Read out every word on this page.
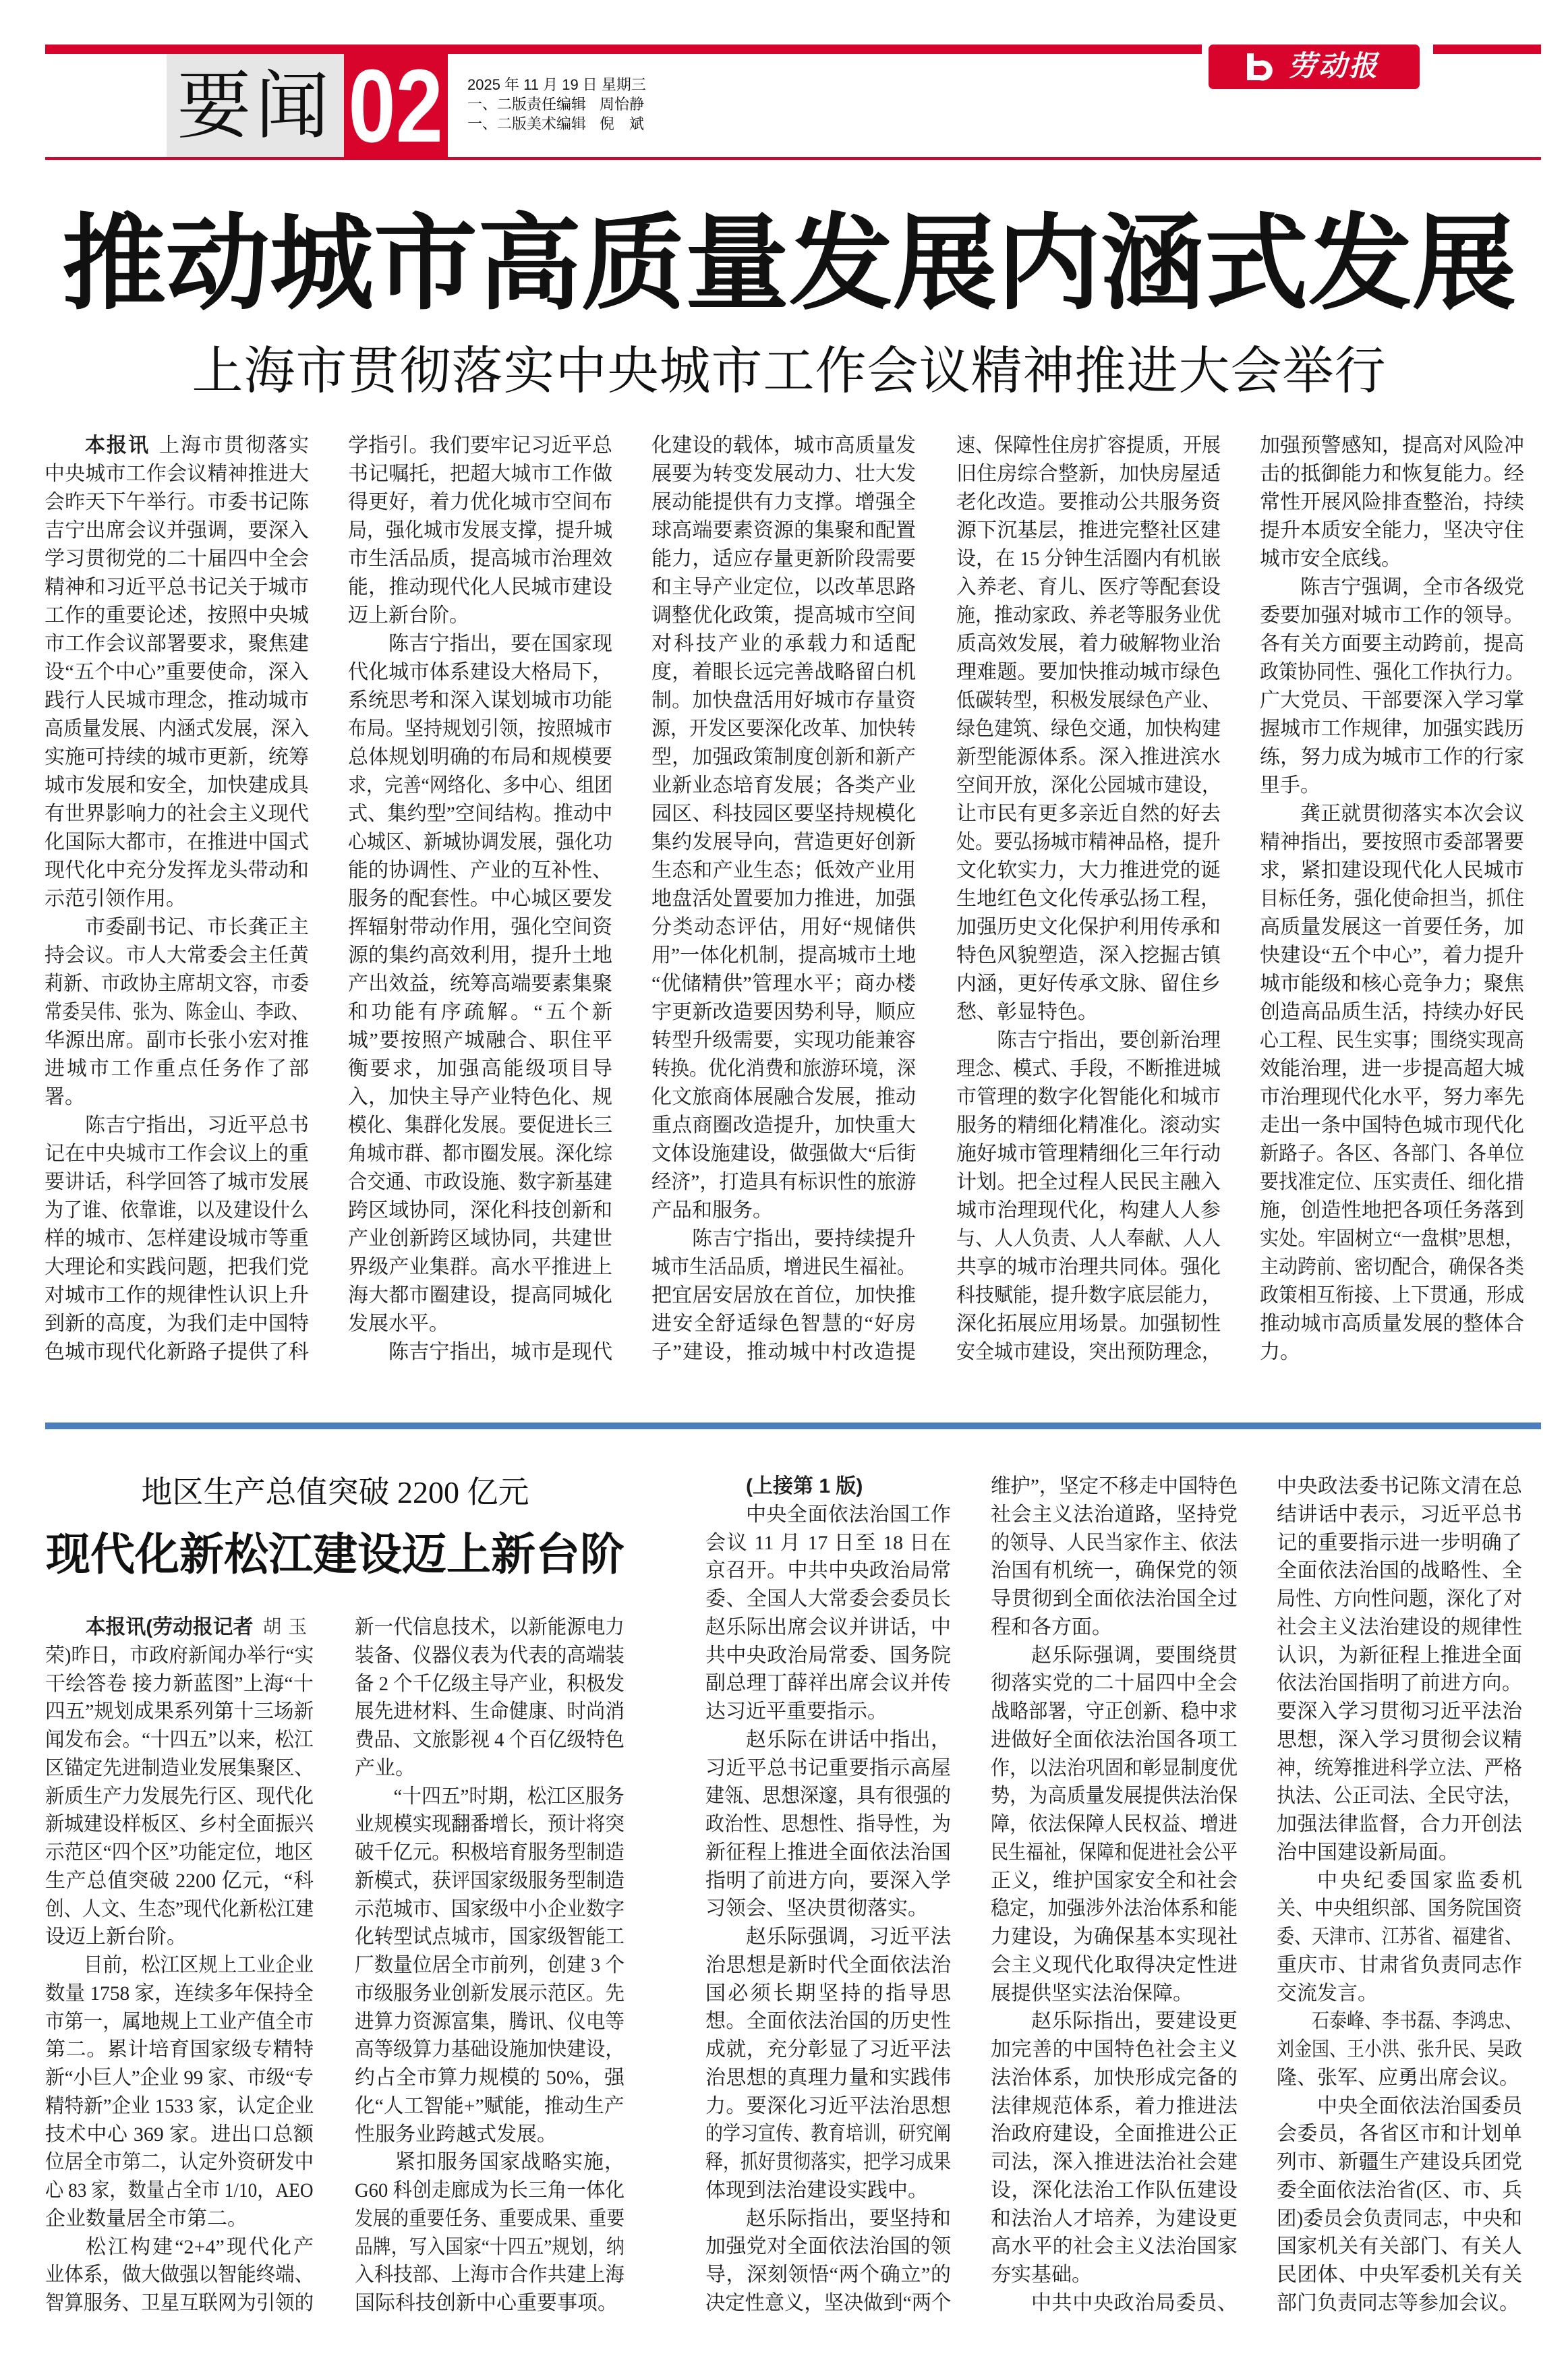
劳动报
要闻 02 2025 年 11 月 19 日 星期三
一、二版责任编辑 周怡静
一、二版美术编辑 倪　斌
推动城市高质量发展内涵式发展
上海市贯彻落实中央城市工作会议精神推进大会举行
本报讯 上海市贯彻落实
中央城市工作会议精神推进大
会昨天下午举行。市委书记陈
吉宁出席会议并强调，要深入
学习贯彻党的二十届四中全会
精神和习近平总书记关于城市
工作的重要论述，按照中央城
市工作会议部署要求，聚焦建
设“五个中心”重要使命，深入
践行人民城市理念，推动城市
高质量发展、内涵式发展，深入
实施可持续的城市更新，统筹
城市发展和安全，加快建成具
有世界影响力的社会主义现代
化国际大都市，在推进中国式
现代化中充分发挥龙头带动和
示范引领作用。
市委副书记、市长龚正主
持会议。市人大常委会主任黄
莉新、市政协主席胡文容，市委
常委吴伟、张为、陈金山、李政、
华源出席。副市长张小宏对推
进城市工作重点任务作了部
署。
陈吉宁指出，习近平总书
记在中央城市工作会议上的重
要讲话，科学回答了城市发展
为了谁、依靠谁，以及建设什么
样的城市、怎样建设城市等重
大理论和实践问题，把我们党
对城市工作的规律性认识上升
到新的高度，为我们走中国特
色城市现代化新路子提供了科
学指引。我们要牢记习近平总
书记嘱托，把超大城市工作做
得更好，着力优化城市空间布
局，强化城市发展支撑，提升城
市生活品质，提高城市治理效
能，推动现代化人民城市建设
迈上新台阶。
陈吉宁指出，要在国家现
代化城市体系建设大格局下，
系统思考和深入谋划城市功能
布局。坚持规划引领，按照城市
总体规划明确的布局和规模要
求，完善“网络化、多中心、组团
式、集约型”空间结构。推动中
心城区、新城协调发展，强化功
能的协调性、产业的互补性、
服务的配套性。中心城区要发
挥辐射带动作用，强化空间资
源的集约高效利用，提升土地
产出效益，统筹高端要素集聚
和功能有序疏解。“五个新
城”要按照产城融合、职住平
衡要求，加强高能级项目导
入，加快主导产业特色化、规
模化、集群化发展。要促进长三
角城市群、都市圈发展。深化综
合交通、市政设施、数字新基建
跨区域协同，深化科技创新和
产业创新跨区域协同，共建世
界级产业集群。高水平推进上
海大都市圈建设，提高同城化
发展水平。
陈吉宁指出，城市是现代
化建设的载体，城市高质量发
展要为转变发展动力、壮大发
展动能提供有力支撑。增强全
球高端要素资源的集聚和配置
能力，适应存量更新阶段需要
和主导产业定位，以改革思路
调整优化政策，提高城市空间
对科技产业的承载力和适配
度，着眼长远完善战略留白机
制。加快盘活用好城市存量资
源，开发区要深化改革、加快转
型，加强政策制度创新和新产
业新业态培育发展；各类产业
园区、科技园区要坚持规模化
集约发展导向，营造更好创新
生态和产业生态；低效产业用
地盘活处置要加力推进，加强
分类动态评估，用好“规储供
用”一体化机制，提高城市土地
“优储精供”管理水平；商办楼
宇更新改造要因势利导，顺应
转型升级需要，实现功能兼容
转换。优化消费和旅游环境，深
化文旅商体展融合发展，推动
重点商圈改造提升，加快重大
文体设施建设，做强做大“后街
经济”，打造具有标识性的旅游
产品和服务。
陈吉宁指出，要持续提升
城市生活品质，增进民生福祉。
把宜居安居放在首位，加快推
进安全舒适绿色智慧的“好房
子”建设，推动城中村改造提
速、保障性住房扩容提质，开展
旧住房综合整新，加快房屋适
老化改造。要推动公共服务资
源下沉基层，推进完整社区建
设，在 15 分钟生活圈内有机嵌
入养老、育儿、医疗等配套设
施，推动家政、养老等服务业优
质高效发展，着力破解物业治
理难题。要加快推动城市绿色
低碳转型，积极发展绿色产业、
绿色建筑、绿色交通，加快构建
新型能源体系。深入推进滨水
空间开放，深化公园城市建设，
让市民有更多亲近自然的好去
处。要弘扬城市精神品格，提升
文化软实力，大力推进党的诞
生地红色文化传承弘扬工程，
加强历史文化保护利用传承和
特色风貌塑造，深入挖掘古镇
内涵，更好传承文脉、留住乡
愁、彰显特色。
陈吉宁指出，要创新治理
理念、模式、手段，不断推进城
市管理的数字化智能化和城市
服务的精细化精准化。滚动实
施好城市管理精细化三年行动
计划。把全过程人民民主融入
城市治理现代化，构建人人参
与、人人负责、人人奉献、人人
共享的城市治理共同体。强化
科技赋能，提升数字底层能力，
深化拓展应用场景。加强韧性
安全城市建设，突出预防理念，
加强预警感知，提高对风险冲
击的抵御能力和恢复能力。经
常性开展风险排查整治，持续
提升本质安全能力，坚决守住
城市安全底线。
陈吉宁强调，全市各级党
委要加强对城市工作的领导。
各有关方面要主动跨前，提高
政策协同性、强化工作执行力。
广大党员、干部要深入学习掌
握城市工作规律，加强实践历
练，努力成为城市工作的行家
里手。
龚正就贯彻落实本次会议
精神指出，要按照市委部署要
求，紧扣建设现代化人民城市
目标任务，强化使命担当，抓住
高质量发展这一首要任务，加
快建设“五个中心”，着力提升
城市能级和核心竞争力；聚焦
创造高品质生活，持续办好民
心工程、民生实事；围绕实现高
效能治理，进一步提高超大城
市治理现代化水平，努力率先
走出一条中国特色城市现代化
新路子。各区、各部门、各单位
要找准定位、压实责任、细化措
施，创造性地把各项任务落到
实处。牢固树立“一盘棋”思想，
主动跨前、密切配合，确保各类
政策相互衔接、上下贯通，形成
推动城市高质量发展的整体合
力。
地区生产总值突破 2200 亿元
现代化新松江建设迈上新台阶
本报讯(劳动报记者 胡玉
荣)昨日，市政府新闻办举行“实
干绘答卷 接力新蓝图”上海“十
四五”规划成果系列第十三场新
闻发布会。“十四五”以来，松江
区锚定先进制造业发展集聚区、
新质生产力发展先行区、现代化
新城建设样板区、乡村全面振兴
示范区“四个区”功能定位，地区
生产总值突破 2200 亿元，“科
创、人文、生态”现代化新松江建
设迈上新台阶。
目前，松江区规上工业企业
数量 1758 家，连续多年保持全
市第一，属地规上工业产值全市
第二。累计培育国家级专精特
新“小巨人”企业 99 家、市级“专
精特新”企业 1533 家，认定企业
技术中心 369 家。进出口总额
位居全市第二，认定外资研发中
心 83 家，数量占全市 1/10，AEO
企业数量居全市第二。
松江构建“2+4”现代化产
业体系，做大做强以智能终端、
智算服务、卫星互联网为引领的
新一代信息技术，以新能源电力
装备、仪器仪表为代表的高端装
备 2 个千亿级主导产业，积极发
展先进材料、生命健康、时尚消
费品、文旅影视 4 个百亿级特色
产业。
“十四五”时期，松江区服务
业规模实现翻番增长，预计将突
破千亿元。积极培育服务型制造
新模式，获评国家级服务型制造
示范城市、国家级中小企业数字
化转型试点城市，国家级智能工
厂数量位居全市前列，创建 3 个
市级服务业创新发展示范区。先
进算力资源富集，腾讯、仪电等
高等级算力基础设施加快建设，
约占全市算力规模的 50%，强
化“人工智能+”赋能，推动生产
性服务业跨越式发展。
紧扣服务国家战略实施，
G60 科创走廊成为长三角一体化
发展的重要任务、重要成果、重要
品牌，写入国家“十四五”规划，纳
入科技部、上海市合作共建上海
国际科技创新中心重要事项。
(上接第 1 版)
中央全面依法治国工作
会议 11 月 17 日至 18 日在
京召开。中共中央政治局常
委、全国人大常委会委员长
赵乐际出席会议并讲话，中
共中央政治局常委、国务院
副总理丁薛祥出席会议并传
达习近平重要指示。
赵乐际在讲话中指出，
习近平总书记重要指示高屋
建瓴、思想深邃，具有很强的
政治性、思想性、指导性，为
新征程上推进全面依法治国
指明了前进方向，要深入学
习领会、坚决贯彻落实。
赵乐际强调，习近平法
治思想是新时代全面依法治
国必须长期坚持的指导思
想。全面依法治国的历史性
成就，充分彰显了习近平法
治思想的真理力量和实践伟
力。要深化习近平法治思想
的学习宣传、教育培训，研究阐
释，抓好贯彻落实，把学习成果
体现到法治建设实践中。
赵乐际指出，要坚持和
加强党对全面依法治国的领
导，深刻领悟“两个确立”的
决定性意义，坚决做到“两个
维护”，坚定不移走中国特色
社会主义法治道路，坚持党
的领导、人民当家作主、依法
治国有机统一，确保党的领
导贯彻到全面依法治国全过
程和各方面。
赵乐际强调，要围绕贯
彻落实党的二十届四中全会
战略部署，守正创新、稳中求
进做好全面依法治国各项工
作，以法治巩固和彰显制度优
势，为高质量发展提供法治保
障，依法保障人民权益、增进
民生福祉，保障和促进社会公平
正义，维护国家安全和社会
稳定，加强涉外法治体系和能
力建设，为确保基本实现社
会主义现代化取得决定性进
展提供坚实法治保障。
赵乐际指出，要建设更
加完善的中国特色社会主义
法治体系，加快形成完备的
法律规范体系，着力推进法
治政府建设，全面推进公正
司法，深入推进法治社会建
设，深化法治工作队伍建设
和法治人才培养，为建设更
高水平的社会主义法治国家
夯实基础。
中共中央政治局委员、
中央政法委书记陈文清在总
结讲话中表示，习近平总书
记的重要指示进一步明确了
全面依法治国的战略性、全
局性、方向性问题，深化了对
社会主义法治建设的规律性
认识，为新征程上推进全面
依法治国指明了前进方向。
要深入学习贯彻习近平法治
思想，深入学习贯彻会议精
神，统筹推进科学立法、严格
执法、公正司法、全民守法，
加强法律监督，合力开创法
治中国建设新局面。
中央纪委国家监委机
关、中央组织部、国务院国资
委、天津市、江苏省、福建省、
重庆市、甘肃省负责同志作
交流发言。
石泰峰、李书磊、李鸿忠、
刘金国、王小洪、张升民、吴政
隆、张军、应勇出席会议。
中央全面依法治国委员
会委员，各省区市和计划单
列市、新疆生产建设兵团党
委全面依法治省(区、市、兵
团)委员会负责同志，中央和
国家机关有关部门、有关人
民团体、中央军委机关有关
部门负责同志等参加会议。
